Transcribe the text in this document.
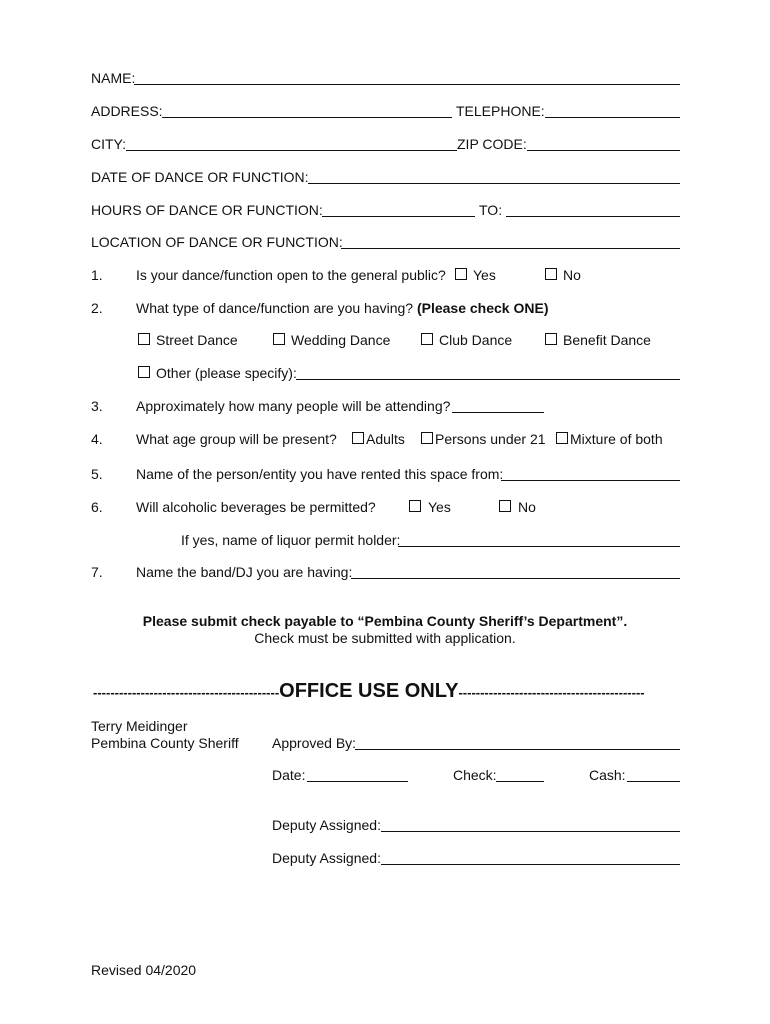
NAME:
ADDRESS:	TELEPHONE:
CITY:	ZIP CODE:
DATE OF DANCE OR FUNCTION:
HOURS OF DANCE OR FUNCTION:	TO:
LOCATION OF DANCE OR FUNCTION:
1. Is your dance/function open to the general public? Yes	No
2. What type of dance/function are you having? (Please check ONE)
Street Dance	Wedding Dance	Club Dance	Benefit Dance
Other (please specify):
3. Approximately how many people will be attending?
4. What age group will be present? Adults Persons under 21 Mixture of both
5. Name of the person/entity you have rented this space from:
6. Will alcoholic beverages be permitted?	Yes	No
If yes, name of liquor permit holder:
7. Name the band/DJ you are having:
Please submit check payable to “Pembina County Sheriff’s Department”.
Check must be submitted with application.
-------------------------------------------OFFICE USE ONLY-------------------------------------------
Terry Meidinger
Pembina County Sheriff Approved By:
Date:	Check:	Cash:
Deputy Assigned:
Deputy Assigned:
Revised 04/2020
